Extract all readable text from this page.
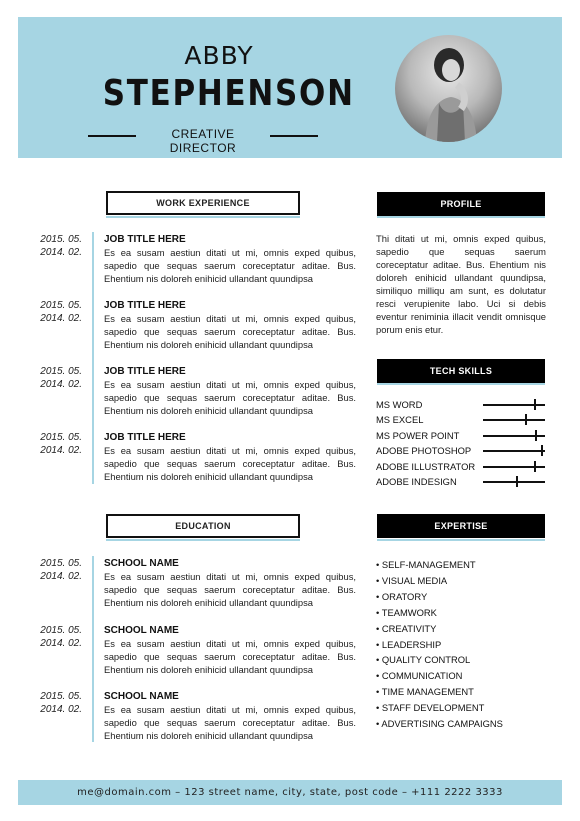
ABBY
STEPHENSON
CREATIVE DIRECTOR
WORK EXPERIENCE
2015. 05.
2014. 02.
JOB TITLE HERE
Es ea susam aestiun ditati ut mi, omnis exped quibus, sapedio que sequas saerum coreceptatur aditae. Bus. Ehentium nis doloreh enihicid ullandant quundipsa
2015. 05.
2014. 02.
JOB TITLE HERE
Es ea susam aestiun ditati ut mi, omnis exped quibus, sapedio que sequas saerum coreceptatur aditae. Bus. Ehentium nis doloreh enihicid ullandant quundipsa
2015. 05.
2014. 02.
JOB TITLE HERE
Es ea susam aestiun ditati ut mi, omnis exped quibus, sapedio que sequas saerum coreceptatur aditae. Bus. Ehentium nis doloreh enihicid ullandant quundipsa
2015. 05.
2014. 02.
JOB TITLE HERE
Es ea susam aestiun ditati ut mi, omnis exped quibus, sapedio que sequas saerum coreceptatur aditae. Bus. Ehentium nis doloreh enihicid ullandant quundipsa
EDUCATION
2015. 05.
2014. 02.
SCHOOL NAME
Es ea susam aestiun ditati ut mi, omnis exped quibus, sapedio que sequas saerum coreceptatur aditae. Bus. Ehentium nis doloreh enihicid ullandant quundipsa
2015. 05.
2014. 02.
SCHOOL NAME
Es ea susam aestiun ditati ut mi, omnis exped quibus, sapedio que sequas saerum coreceptatur aditae. Bus. Ehentium nis doloreh enihicid ullandant quundipsa
2015. 05.
2014. 02.
SCHOOL NAME
Es ea susam aestiun ditati ut mi, omnis exped quibus, sapedio que sequas saerum coreceptatur aditae. Bus. Ehentium nis doloreh enihicid ullandant quundipsa
PROFILE
Thi ditati ut mi, omnis exped quibus, sapedio que sequas saerum coreceptatur aditae. Bus. Ehentium nis doloreh enihicid ullandant quundipsa, similiquo milliqu am sunt, es dolutatur resci verupienite labo. Uci si debis eventur reniminia illacit vendit omnisque porum enis etur.
TECH SKILLS
MS WORD
MS EXCEL
MS POWER POINT
ADOBE PHOTOSHOP
ADOBE ILLUSTRATOR
ADOBE INDESIGN
EXPERTISE
• SELF-MANAGEMENT
• VISUAL MEDIA
• ORATORY
• TEAMWORK
• CREATIVITY
• LEADERSHIP
• QUALITY CONTROL
• COMMUNICATION
• TIME MANAGEMENT
• STAFF DEVELOPMENT
• ADVERTISING CAMPAIGNS
me@domain.com – 123 street name, city, state, post code – +111 2222 3333
